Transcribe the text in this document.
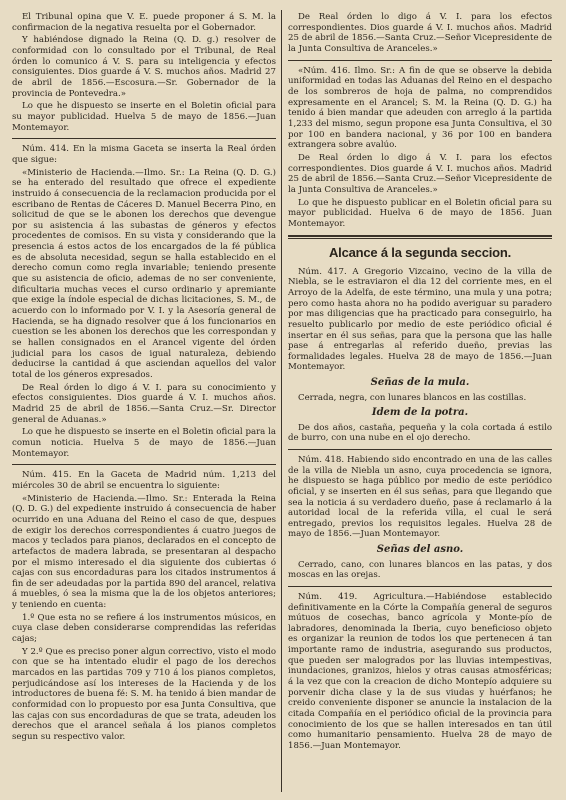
El Tribunal opina que V. E. puede proponer á S. M. la confirmacion de la negativa resuelta por el Gobernador.

Y habiéndose dignado la Reina (Q. D. g.) resolver de conformidad con lo consultado por el Tribunal, de Real órden lo comunico á V. S. para su inteligencia y efectos consiguientes. Dios guarde á V. S. muchos años. Madrid 27 de abril de 1856.—Escosura.—Sr. Gobernador de la provincia de Pontevedra.»

Lo que he dispuesto se inserte en el Boletin oficial para su mayor publicidad. Huelva 5 de mayo de 1856.—Juan Montemayor.

Núm. 414. En la misma Gaceta se inserta la Real órden que sigue:

«Ministerio de Hacienda.—Ilmo. Sr.: La Reina (Q. D. G.) se ha enterado del resultado que ofrece el expediente instruido á consecuencia de la reclamacion producida por el escribano de Rentas de Cáceres D. Manuel Becerra Pino, en solicitud de que se le abonen los derechos que devengue por su asistencia á las subastas de géneros y efectos procedentes de comisos. En su vista y considerando que la presencia á estos actos de los encargados de la fé pública es de absoluta necesidad, segun se halla establecido en el derecho comun como regla invariable; teniendo presente que su asistencia de oficio, ademas de no ser conveniente, dificultaria muchas veces el curso ordinario y apremiante que exige la índole especial de dichas licitaciones, S. M., de acuerdo con lo informado por V. I. y la Asesoría general de Hacienda, se ha dignado resolver que á los funcionarios en cuestion se les abonen los derechos que les correspondan y se hallen consignados en el Arancel vigente del órden judicial para los casos de igual naturaleza, debiendo deducirse la cantidad á que asciendan aquellos del valor total de los géneros expresados.

De Real órden lo digo á V. I. para su conocimiento y efectos consiguientes. Dios guarde á V. I. muchos años. Madrid 25 de abril de 1856.—Santa Cruz.—Sr. Director general de Aduanas.»

Lo que he dispuesto se inserte en el Boletin oficial para la comun noticia. Huelva 5 de mayo de 1856.—Juan Montemayor.

Núm. 415. En la Gaceta de Madrid núm. 1,213 del miércoles 30 de abril se encuentra lo siguiente:

«Ministerio de Hacienda.—Ilmo. Sr.: Enterada la Reina (Q. D. G.) del expediente instruido á consecuencia de haber ocurrido en una Aduana del Reino el caso de que, despues de exigir los derechos correspondientes á cuatro juegos de macos y teclados para pianos, declarados en el concepto de artefactos de madera labrada, se presentaran al despacho por el mismo interesado el dia siguiente dos cubiertas ó cajas con sus encordaduras para los citados instrumentos á fin de ser adeudadas por la partida 890 del arancel, relativa á muebles, ó sea la misma que la de los objetos anteriores; y teniendo en cuenta:

1.º Que esta no se refiere á los instrumentos músicos, en cuya clase deben considerarse comprendidas las referidas cajas;

Y 2.º Que es preciso poner algun correctivo, visto el modo con que se ha intentado eludir el pago de los derechos marcados en las partidas 709 y 710 á los pianos completos, perjudicándose así los intereses de la Hacienda y de los introductores de buena fé: S. M. ha tenido á bien mandar de conformidad con lo propuesto por esa Junta Consultiva, que las cajas con sus encordaduras de que se trata, adeuden los derechos que el arancel señala á los pianos completos segun su respectivo valor.

De Real órden lo digo á V. I. para los efectos correspondientes. Dios guarde á V. I. muchos años. Madrid 25 de abril de 1856.—Santa Cruz.—Señor Vicepresidente de la Junta Consultiva de Aranceles.»

«Núm. 416. Ilmo. Sr.: A fin de que se observe la debida uniformidad en todas las Aduanas del Reino en el despacho de los sombreros de hoja de palma, no comprendidos expresamente en el Arancel; S. M. la Reina (Q. D. G.) ha tenido á bien mandar que adeuden con arreglo á la partida 1,233 del mismo, segun propone esa Junta Consultiva, el 30 por 100 en bandera nacional, y 36 por 100 en bandera extrangera sobre avalúo.

De Real órden lo digo á V. I. para los efectos correspondientes. Dios guarde á V. I. muchos años. Madrid 25 de abril de 1856.—Santa Cruz.—Señor Vicepresidente de la Junta Consultiva de Aranceles.»

Lo que he dispuesto publicar en el Boletin oficial para su mayor publicidad. Huelva 6 de mayo de 1856. Juan Montemayor.

Alcance á la segunda seccion.

Núm. 417. A Gregorio Vizcaino, vecino de la villa de Niebla, se le estraviaron el dia 12 del corriente mes, en el Arroyo de la Adelfa, de este término, una mula y una potra; pero como hasta ahora no ha podido averiguar su paradero por mas diligencias que ha practicado para conseguirlo, ha resuelto publicarlo por medio de este periódico oficial é insertar en él sus señas, para que la persona que las halle pase á entregarlas al referido dueño, previas las formalidades legales. Huelva 28 de mayo de 1856.—Juan Montemayor.

Señas de la mula.

Cerrada, negra, con lunares blancos en las costillas.

Idem de la potra.

De dos años, castaña, pequeña y la cola cortada á estilo de burro, con una nube en el ojo derecho.

Núm. 418. Habiendo sido encontrado en una de las calles de la villa de Niebla un asno, cuya procedencia se ignora, he dispuesto se haga público por medio de este periódico oficial, y se inserten en él sus señas, para que llegando que sea la noticia á su verdadero dueño, pase á reclamarlo á la autoridad local de la referida villa, el cual le será entregado, previos los requisitos legales. Huelva 28 de mayo de 1856.—Juan Montemayor.

Señas del asno.

Cerrado, cano, con lunares blancos en las patas, y dos moscas en las orejas.

Núm. 419. Agricultura.—Habiéndose establecido definitivamente en la Córte la Compañía general de seguros mútuos de cosechas, banco agrícola y Monte-pío de labradores, denominada la Iberia, cuyo beneficioso objeto es organizar la reunion de todos los que pertenecen á tan importante ramo de industria, asegurando sus productos, que pueden ser malogrados por las lluvias intempestivas, inundaciones, granizos, hielos y otras causas atmosféricas; á la vez que con la creacion de dicho Montepío adquiere su porvenir dicha clase y la de sus viudas y huérfanos; he creido conveniente disponer se anuncie la instalacion de la citada Compañía en el periódico oficial de la provincia para conocimiento de los que se hallen interesados en tan útil como humanitario pensamiento. Huelva 28 de mayo de 1856.—Juan Montemayor.
